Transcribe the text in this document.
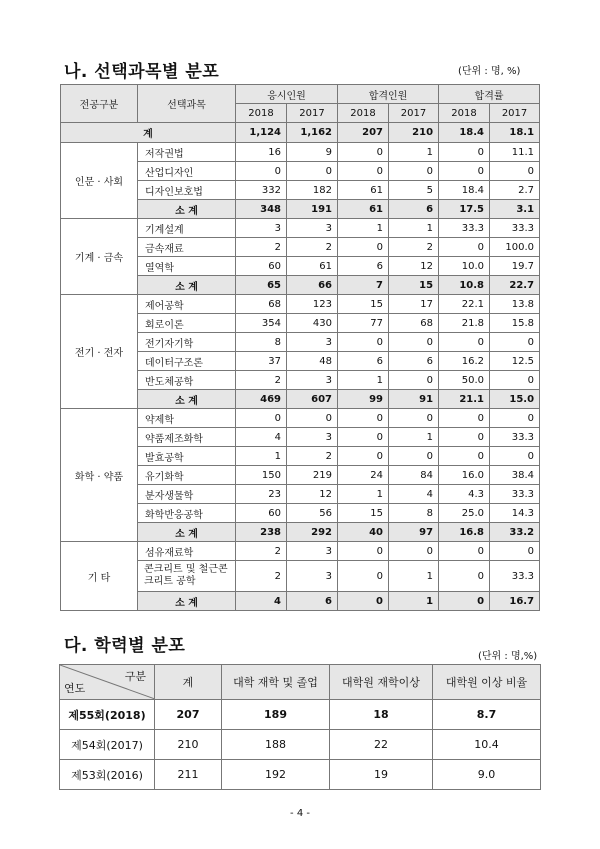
나. 선택과목별 분포	(단위 : 명, %)
전공구분	선택과목	응시인원		합격인원		합격률	
		2018	2017	2018	2017	2018	2017
계		1,124	1,162	207	210	18.4	18.1
인문 · 사회	저작권법	16	9	0	1	0	11.1
	산업디자인	0	0	0	0	0	0
	디자인보호법	332	182	61	5	18.4	2.7
	소 계	348	191	61	6	17.5	3.1
기계 · 금속	기계설계	3	3	1	1	33.3	33.3
	금속재료	2	2	0	2	0	100.0
	열역학	60	61	6	12	10.0	19.7
	소 계	65	66	7	15	10.8	22.7
전기 · 전자	제어공학	68	123	15	17	22.1	13.8
	회로이론	354	430	77	68	21.8	15.8
	전기자기학	8	3	0	0	0	0
	데이터구조론	37	48	6	6	16.2	12.5
	반도체공학	2	3	1	0	50.0	0
	소 계	469	607	99	91	21.1	15.0
화학 · 약품	약제학	0	0	0	0	0	0
	약품제조화학	4	3	0	1	0	33.3
	발효공학	1	2	0	0	0	0
	유기화학	150	219	24	84	16.0	38.4
	분자생물학	23	12	1	4	4.3	33.3
	화학반응공학	60	56	15	8	25.0	14.3
	소 계	238	292	40	97	16.8	33.2
기 타	섬유재료학	2	3	0	0	0	0
	콘크리트 및 철근콘크리트 공학	2	3	0	1	0	33.3
	소 계	4	6	0	1	0	16.7
다. 학력별 분포
(단위 : 명,%)
구분
연도	계	대학 재학 및 졸업	대학원 재학이상	대학원 이상 비율
제55회(2018)	207	189	18	8.7
제54회(2017)	210	188	22	10.4
제53회(2016)	211	192	19	9.0
- 4 -
